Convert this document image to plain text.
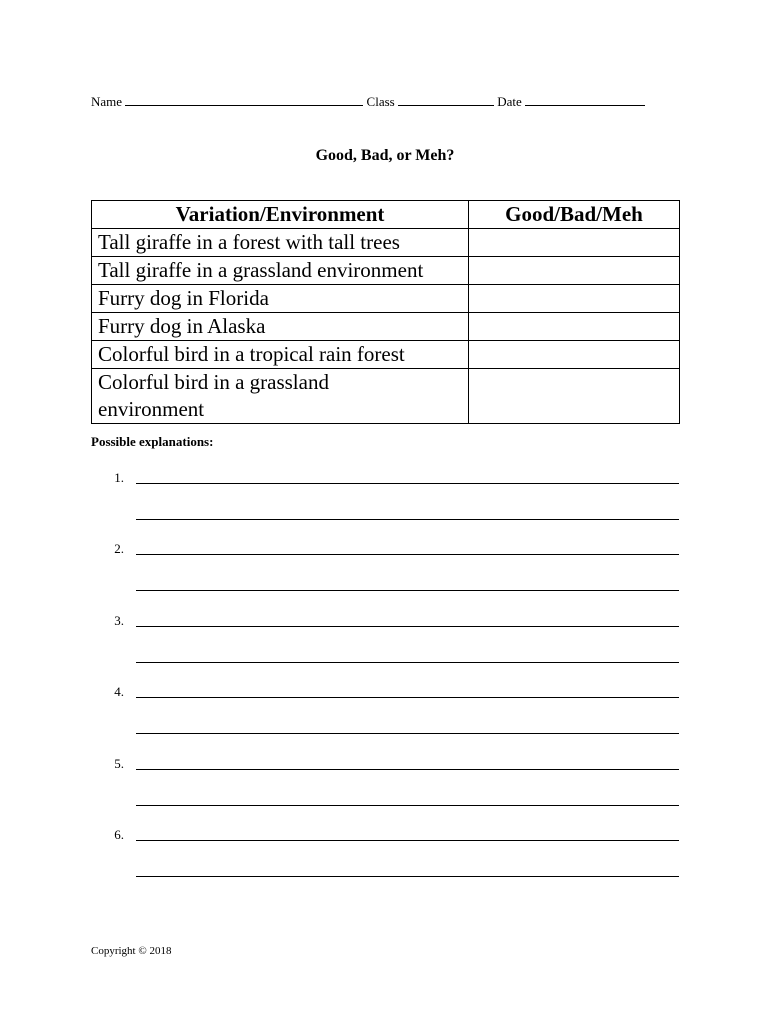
Name	Class	Date
Good, Bad, or Meh?
Variation/Environment	Good/Bad/Meh
Tall giraffe in a forest with tall trees	
Tall giraffe in a grassland environment	
Furry dog in Florida	
Furry dog in Alaska	
Colorful bird in a tropical rain forest	
Colorful bird in a grassland environment	
Possible explanations:
1.
2.
3.
4.
5.
6.
Copyright © 2018
